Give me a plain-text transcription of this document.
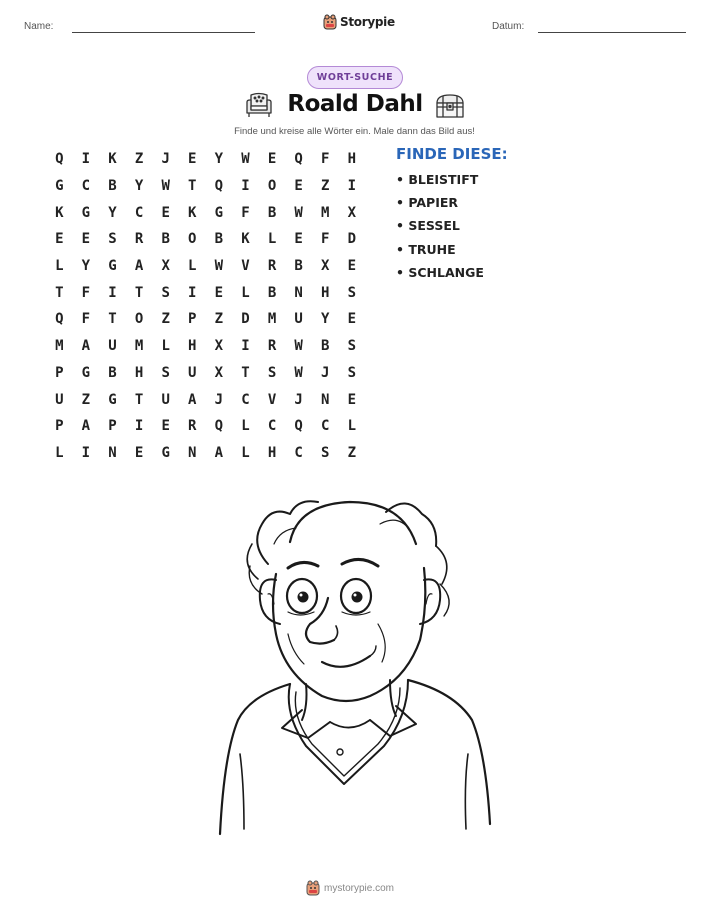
Name:	Storypie	Datum:
WORT-SUCHE
Roald Dahl
Finde und kreise alle Wörter ein. Male dann das Bild aus!
Q	I	K	Z	J	E	Y	W	E	Q	F	H
G	C	B	Y	W	T	Q	I	O	E	Z	I
K	G	Y	C	E	K	G	F	B	W	M	X
E	E	S	R	B	O	B	K	L	E	F	D
L	Y	G	A	X	L	W	V	R	B	X	E
T	F	I	T	S	I	E	L	B	N	H	S
Q	F	T	O	Z	P	Z	D	M	U	Y	E
M	A	U	M	L	H	X	I	R	W	B	S
P	G	B	H	S	U	X	T	S	W	J	S
U	Z	G	T	U	A	J	C	V	J	N	E
P	A	P	I	E	R	Q	L	C	Q	C	L
L	I	N	E	G	N	A	L	H	C	S	Z
FINDE DIESE:
• BLEISTIFT
• PAPIER
• SESSEL
• TRUHE
• SCHLANGE
mystorypie.com
